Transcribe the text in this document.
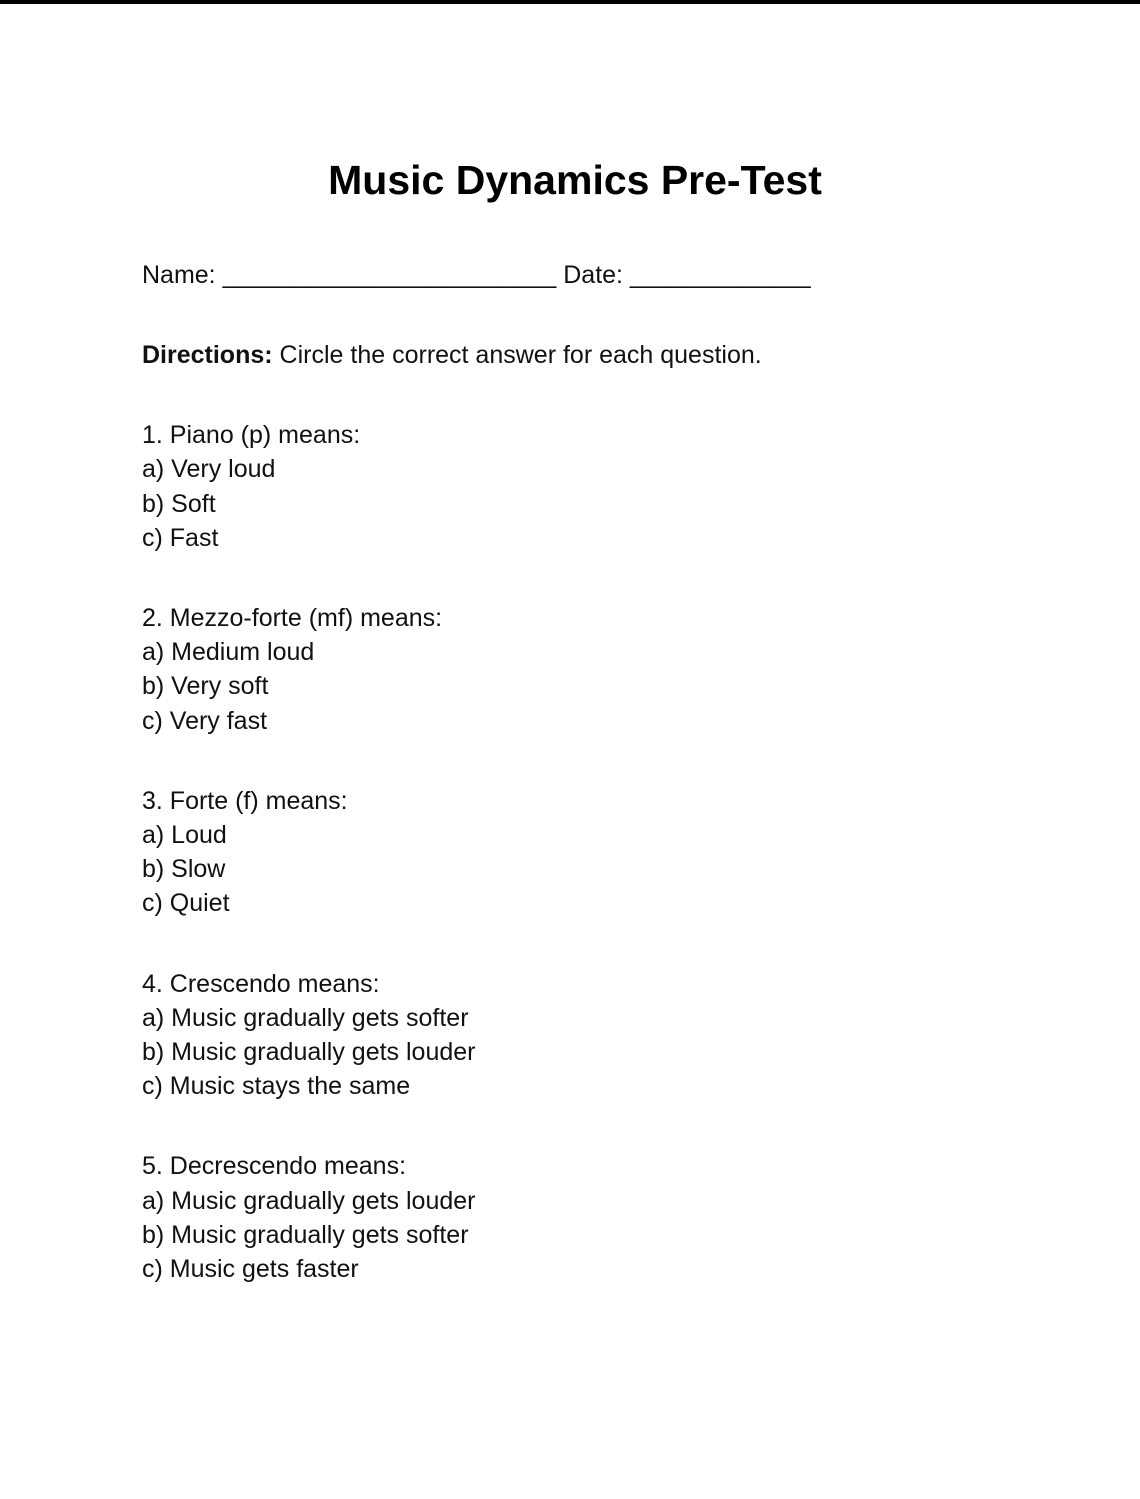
Music Dynamics Pre-Test
Name: ________________________ Date: _____________
Directions: Circle the correct answer for each question.
1. Piano (p) means:
a) Very loud
b) Soft
c) Fast
2. Mezzo-forte (mf) means:
a) Medium loud
b) Very soft
c) Very fast
3. Forte (f) means:
a) Loud
b) Slow
c) Quiet
4. Crescendo means:
a) Music gradually gets softer
b) Music gradually gets louder
c) Music stays the same
5. Decrescendo means:
a) Music gradually gets louder
b) Music gradually gets softer
c) Music gets faster
